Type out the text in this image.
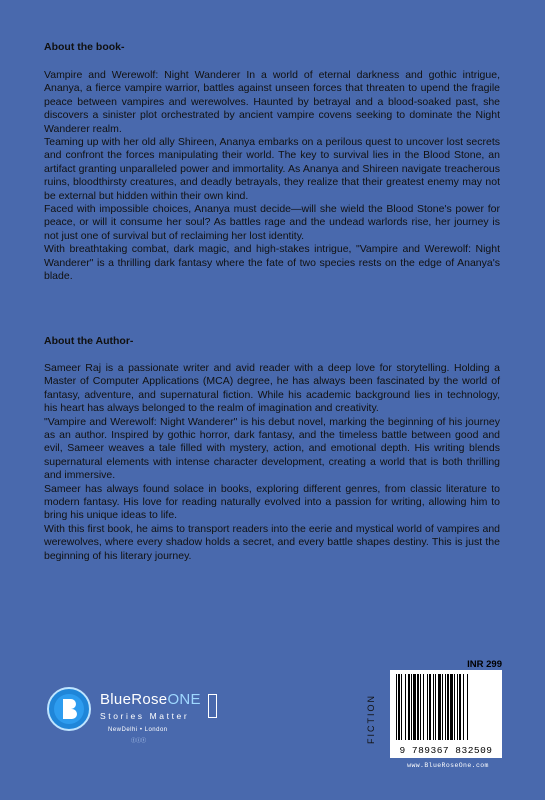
About the book-

Vampire and Werewolf: Night Wanderer In a world of eternal darkness and gothic intrigue, Ananya, a fierce vampire warrior, battles against unseen forces that threaten to upend the fragile peace between vampires and werewolves. Haunted by betrayal and a blood-soaked past, she discovers a sinister plot orchestrated by ancient vampire covens seeking to dominate the Night Wanderer realm.

Teaming up with her old ally Shireen, Ananya embarks on a perilous quest to uncover lost secrets and confront the forces manipulating their world. The key to survival lies in the Blood Stone, an artifact granting unparalleled power and immortality. As Ananya and Shireen navigate treacherous ruins, bloodthirsty creatures, and deadly betrayals, they realize that their greatest enemy may not be external but hidden within their own kind.

Faced with impossible choices, Ananya must decide—will she wield the Blood Stone's power for peace, or will it consume her soul? As battles rage and the undead warlords rise, her journey is not just one of survival but of reclaiming her lost identity.

With breathtaking combat, dark magic, and high-stakes intrigue, "Vampire and Werewolf: Night Wanderer" is a thrilling dark fantasy where the fate of two species rests on the edge of Ananya's blade.

About the Author-

Sameer Raj is a passionate writer and avid reader with a deep love for storytelling. Holding a Master of Computer Applications (MCA) degree, he has always been fascinated by the world of fantasy, adventure, and supernatural fiction. While his academic background lies in technology, his heart has always belonged to the realm of imagination and creativity.

"Vampire and Werewolf: Night Wanderer" is his debut novel, marking the beginning of his journey as an author. Inspired by gothic horror, dark fantasy, and the timeless battle between good and evil, Sameer weaves a tale filled with mystery, action, and emotional depth. His writing blends supernatural elements with intense character development, creating a world that is both thrilling and immersive.

Sameer has always found solace in books, exploring different genres, from classic literature to modern fantasy. His love for reading naturally evolved into a passion for writing, allowing him to bring his unique ideas to life.

With this first book, he aims to transport readers into the eerie and mystical world of vampires and werewolves, where every shadow holds a secret, and every battle shapes destiny. This is just the beginning of his literary journey.

BlueRoseONE
Stories Matter
NewDelhi • London
ⓕⓘⓣ
INR 299
FICTION
9 789367 832509
www.BlueRoseOne.com
